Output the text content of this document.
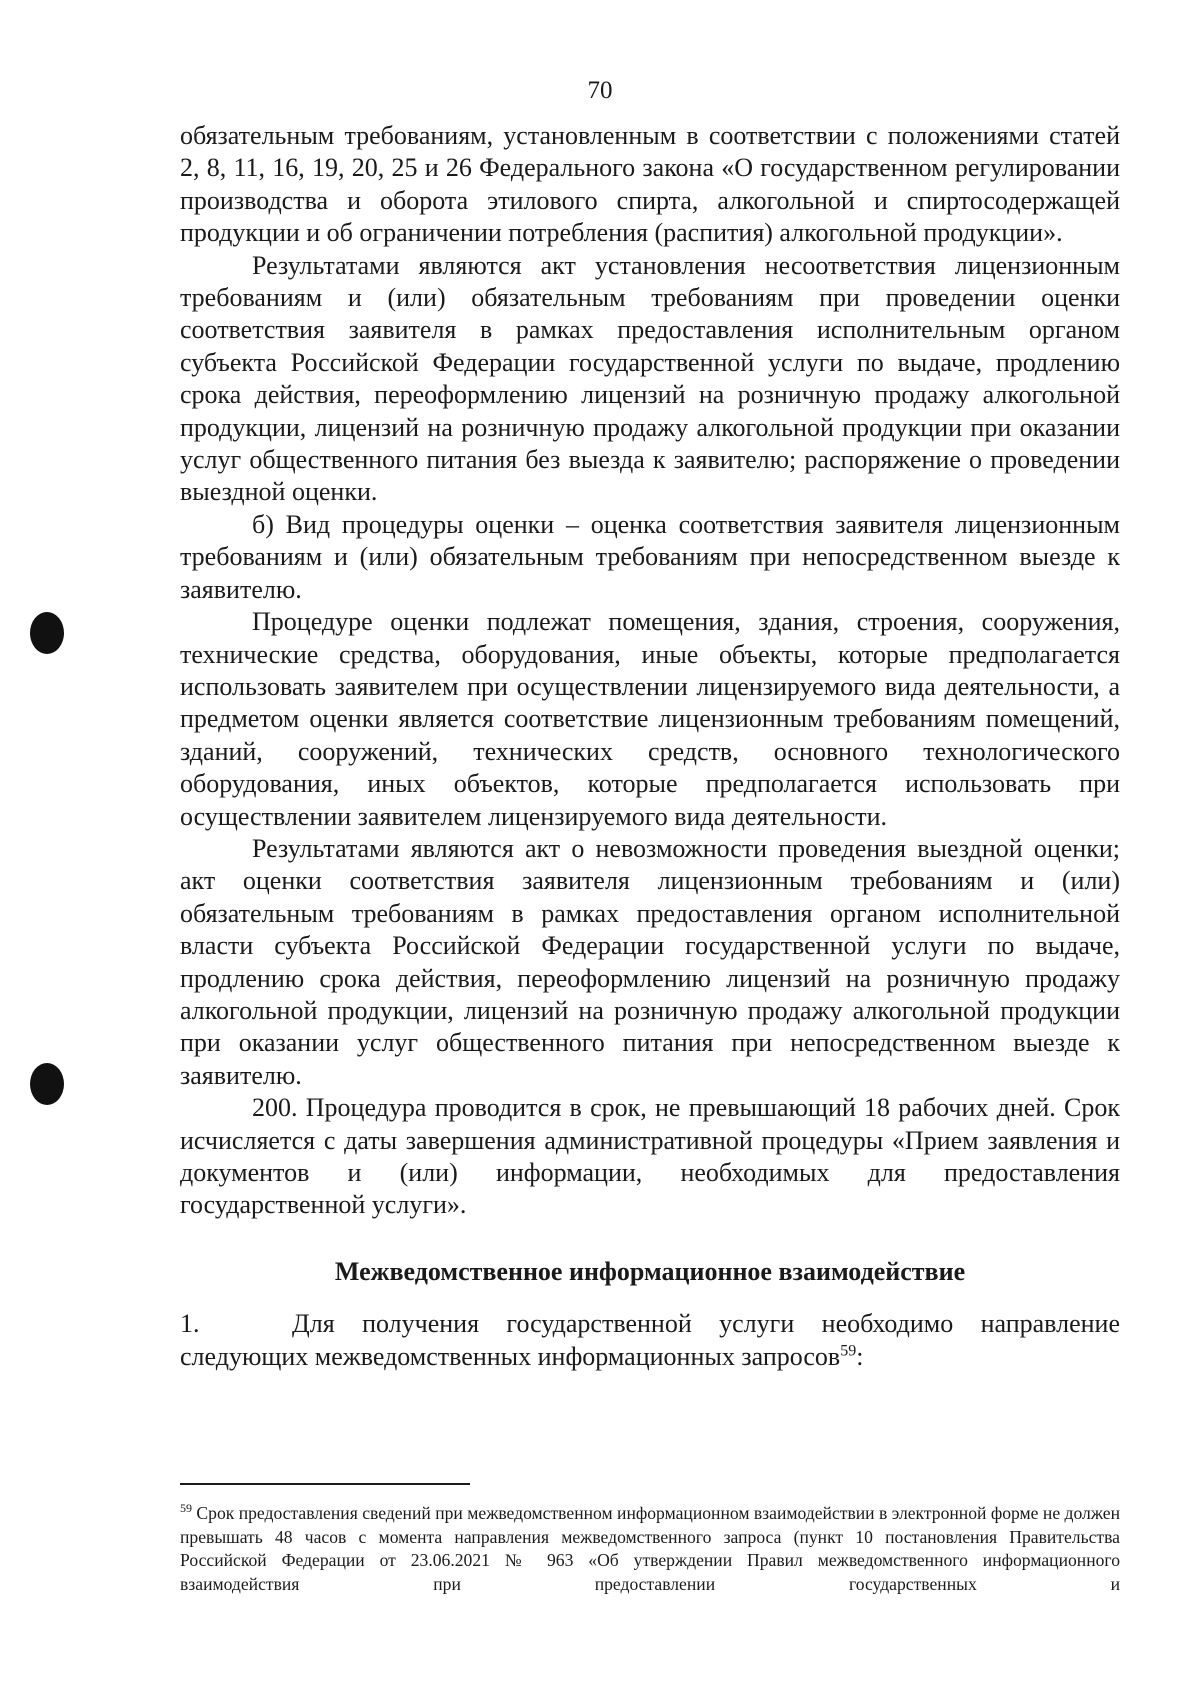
70

обязательным требованиям, установленным в соответствии с положениями статей 2, 8, 11, 16, 19, 20, 25 и 26 Федерального закона «О государственном регулировании производства и оборота этилового спирта, алкогольной и спиртосодержащей продукции и об ограничении потребления (распития) алкогольной продукции».

Результатами являются акт установления несоответствия лицензионным требованиям и (или) обязательным требованиям при проведении оценки соответствия заявителя в рамках предоставления исполнительным органом субъекта Российской Федерации государственной услуги по выдаче, продлению срока действия, переоформлению лицензий на розничную продажу алкогольной продукции, лицензий на розничную продажу алкогольной продукции при оказании услуг общественного питания без выезда к заявителю; распоряжение о проведении выездной оценки.

б) Вид процедуры оценки – оценка соответствия заявителя лицензионным требованиям и (или) обязательным требованиям при непосредственном выезде к заявителю.

Процедуре оценки подлежат помещения, здания, строения, сооружения, технические средства, оборудования, иные объекты, которые предполагается использовать заявителем при осуществлении лицензируемого вида деятельности, а предметом оценки является соответствие лицензионным требованиям помещений, зданий, сооружений, технических средств, основного технологического оборудования, иных объектов, которые предполагается использовать при осуществлении заявителем лицензируемого вида деятельности.

Результатами являются акт о невозможности проведения выездной оценки; акт оценки соответствия заявителя лицензионным требованиям и (или) обязательным требованиям в рамках предоставления органом исполнительной власти субъекта Российской Федерации государственной услуги по выдаче, продлению срока действия, переоформлению лицензий на розничную продажу алкогольной продукции, лицензий на розничную продажу алкогольной продукции при оказании услуг общественного питания при непосредственном выезде к заявителю.

200. Процедура проводится в срок, не превышающий 18 рабочих дней. Срок исчисляется с даты завершения административной процедуры «Прием заявления и документов и (или) информации, необходимых для предоставления государственной услуги».

Межведомственное информационное взаимодействие

1.	Для получения государственной услуги необходимо направление следующих межведомственных информационных запросов$^{59}$:

$^{59}$ Срок предоставления сведений при межведомственном информационном взаимодействии в электронной форме не должен превышать 48 часов с момента направления межведомственного запроса (пункт 10 постановления Правительства Российской Федерации от 23.06.2021 № 963 «Об утверждении Правил межведомственного информационного взаимодействия при предоставлении государственных и
